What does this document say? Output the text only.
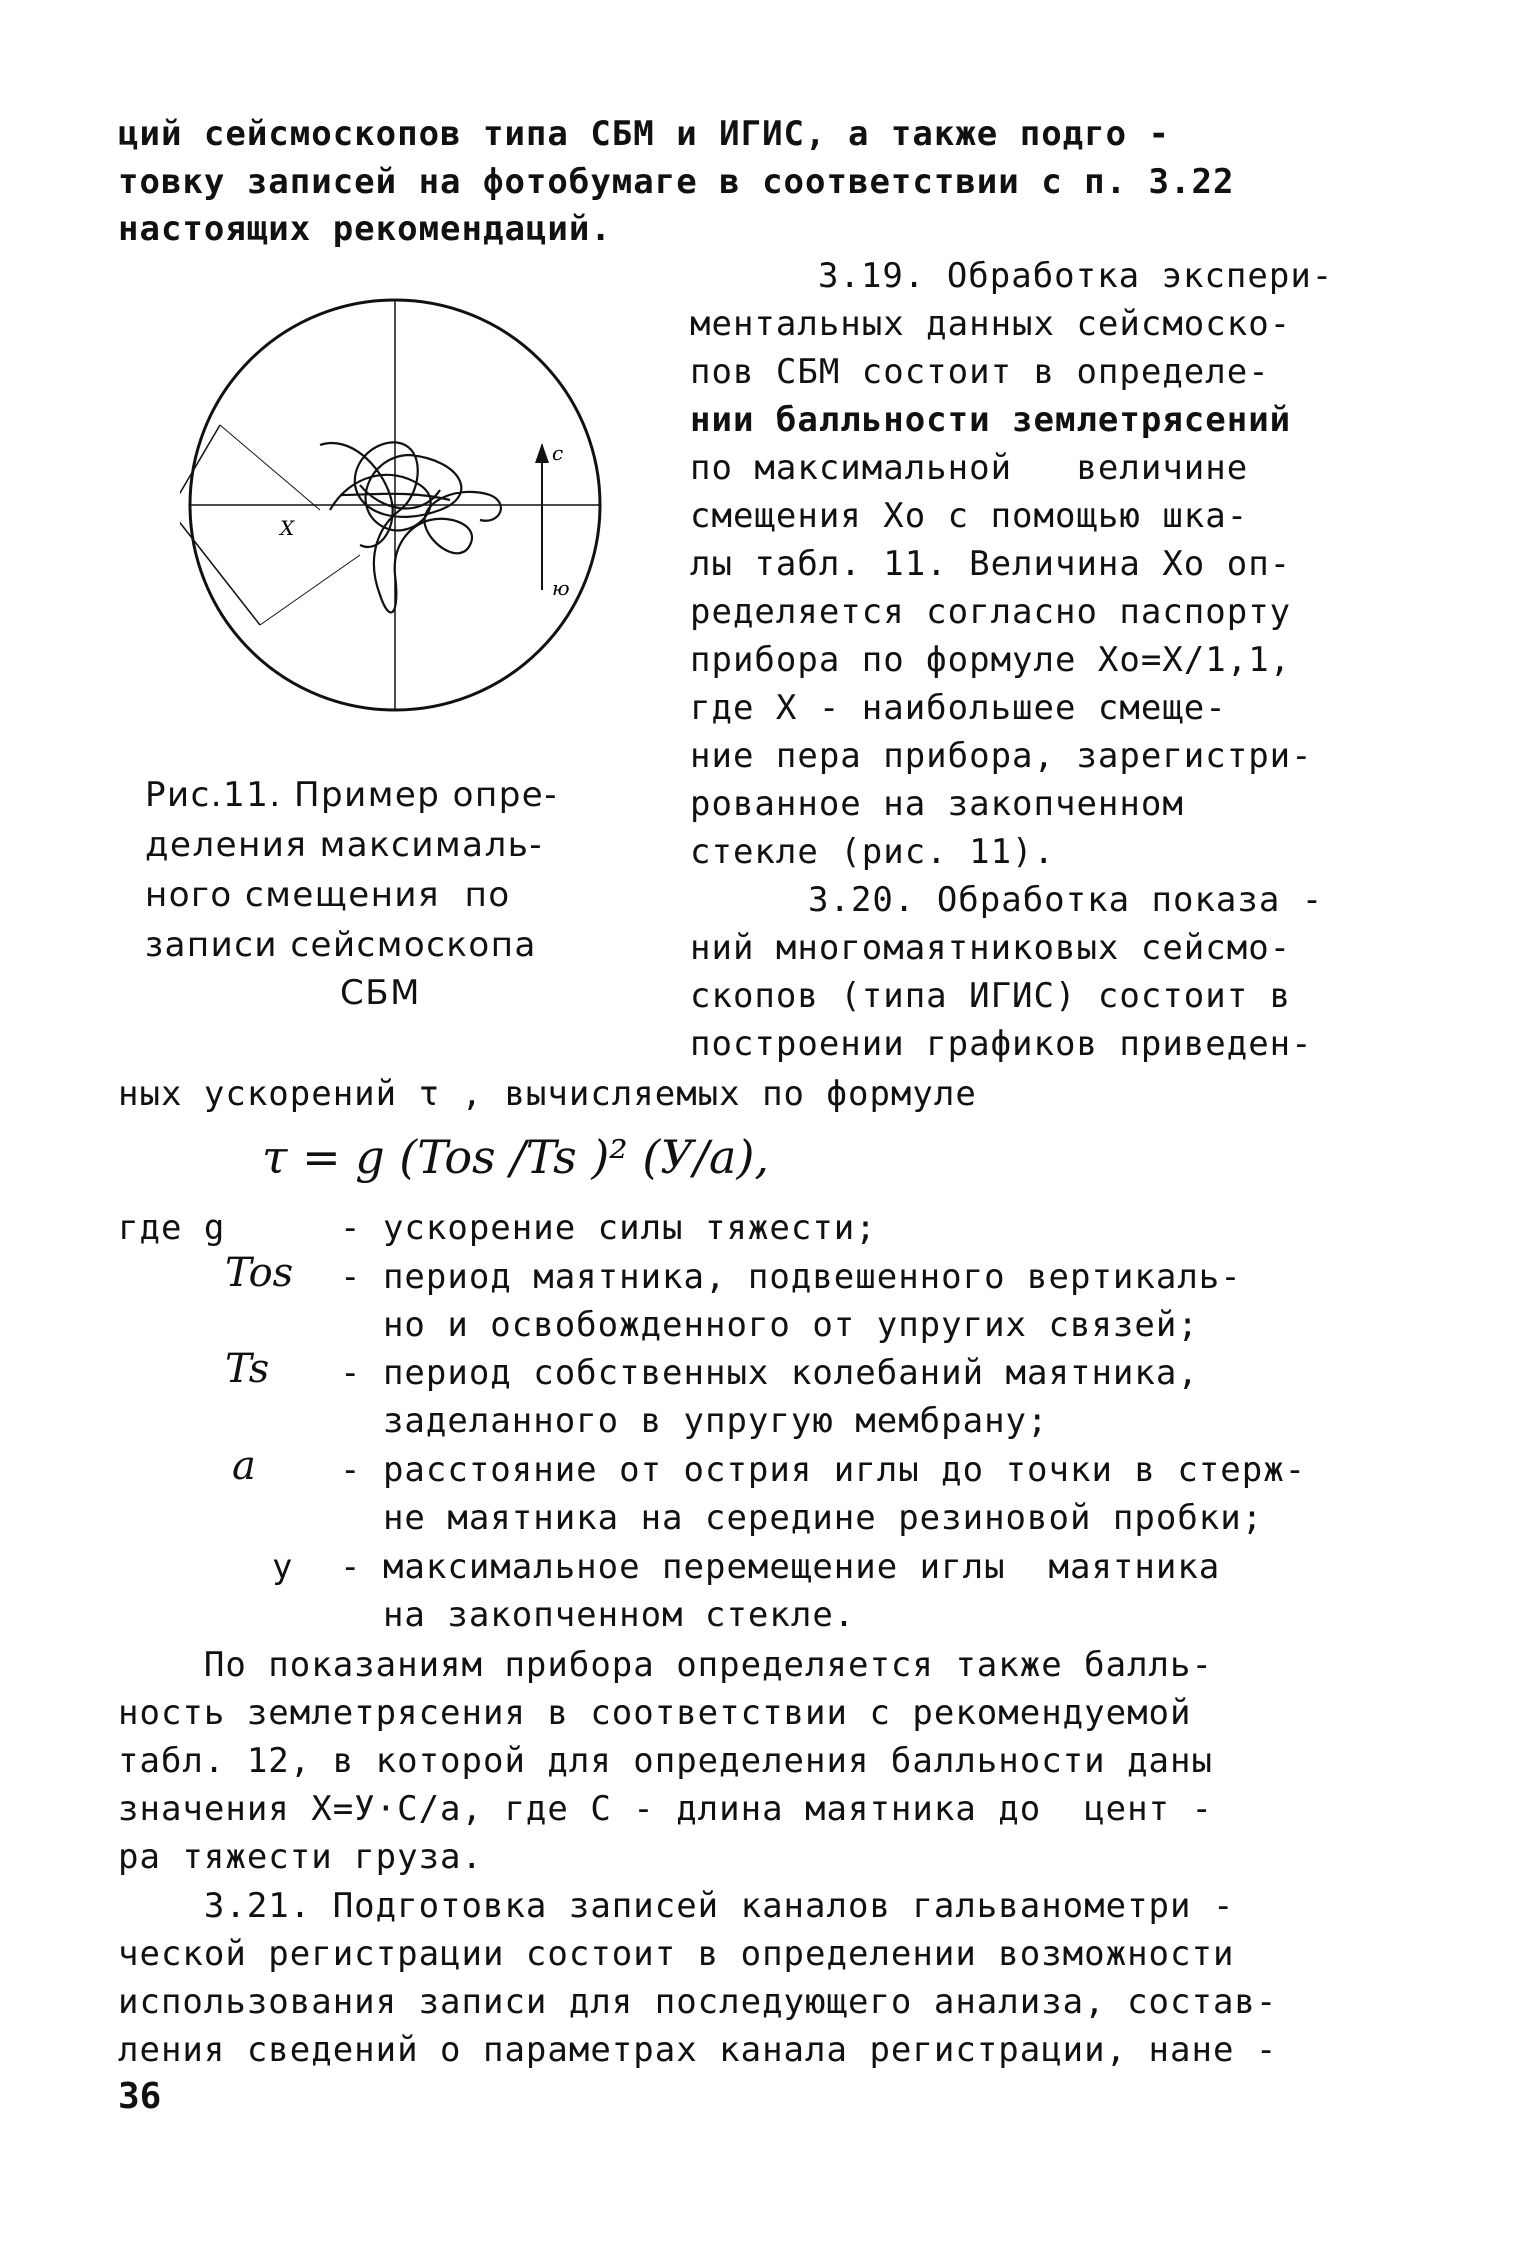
ций сейсмоскопов типа СБМ и ИГИС, а также подго -
товку записей на фотобумаге в соответствии с п. 3.22
настоящих рекомендаций.
X
с
ю
3.19. Обработка экспери-
ментальных данных сейсмоско-
пов СБМ состоит в определе-
нии балльности землетрясений
по максимальной   величине
смещения Xo с помощью шка-
лы табл. 11. Величина Xo оп-
ределяется согласно паспорту
прибора по формуле Xo=X/1,1,
где X - наибольшее смеще-
ние пера прибора, зарегистри-
рованное на закопченном
стекле (рис. 11).
3.20. Обработка показа -
ний многомаятниковых сейсмо-
скопов (типа ИГИС) состоит в
построении графиков приведен-
Рис.11. Пример опре-
деления максималь-
ного смещения  по
записи сейсмоскопа
СБМ
ных ускорений τ , вычисляемых по формуле
τ = g (Tos /Ts )² (У/a),
где g	- ускорение силы тяжести;
Tos - период маятника, подвешенного вертикаль-
но и освобожденного от упругих связей;
Ts - период собственных колебаний маятника,
заделанного в упругую мембрану;
a - расстояние от острия иглы до точки в стерж-
не маятника на середине резиновой пробки;
у - максимальное перемещение иглы  маятника
на закопченном стекле.
По показаниям прибора определяется также балль-
ность землетрясения в соответствии с рекомендуемой
табл. 12, в которой для определения балльности даны
значения X=У·С/a, где С - длина маятника до  цент -
ра тяжести груза.
3.21. Подготовка записей каналов гальванометри -
ческой регистрации состоит в определении возможности
использования записи для последующего анализа, состав-
ления сведений о параметрах канала регистрации, нане -
36
